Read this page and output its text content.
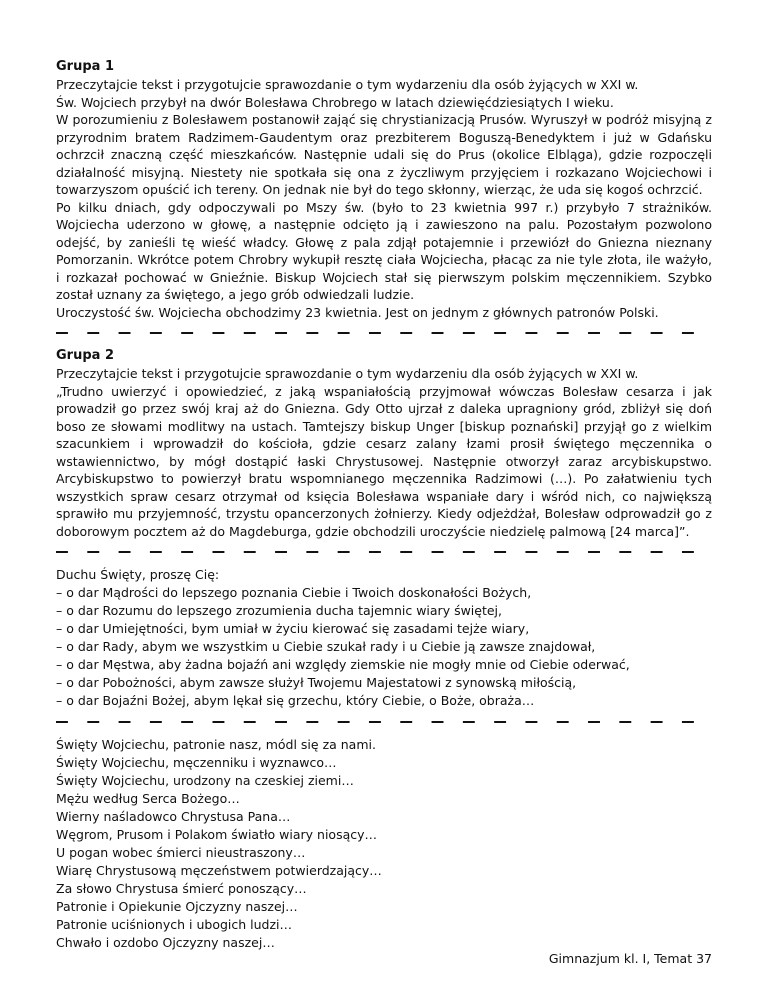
Grupa 1

Przeczytajcie tekst i przygotujcie sprawozdanie o tym wydarzeniu dla osób żyjących w XXI w.

Św. Wojciech przybył na dwór Bolesława Chrobrego w latach dziewięćdziesiątych I wieku.

W porozumieniu z Bolesławem postanowił zająć się chrystianizacją Prusów. Wyruszył w podróż misyjną z przyrodnim bratem Radzimem-Gaudentym oraz prezbiterem Boguszą-Benedyktem i już w Gdańsku ochrzcił znaczną część mieszkańców. Następnie udali się do Prus (okolice Elbląga), gdzie rozpoczęli działalność misyjną. Niestety nie spotkała się ona z życzliwym przyjęciem i rozkazano Wojciechowi i towarzyszom opuścić ich tereny. On jednak nie był do tego skłonny, wierząc, że uda się kogoś ochrzcić.

Po kilku dniach, gdy odpoczywali po Mszy św. (było to 23 kwietnia 997 r.) przybyło 7 strażników. Wojciecha uderzono w głowę, a następnie odcięto ją i zawieszono na palu. Pozostałym pozwolono odejść, by zanieśli tę wieść władcy. Głowę z pala zdjął potajemnie i przewiózł do Gniezna nieznany Pomorzanin. Wkrótce potem Chrobry wykupił resztę ciała Wojciecha, płacąc za nie tyle złota, ile ważyło, i rozkazał pochować w Gnieźnie. Biskup Wojciech stał się pierwszym polskim męczennikiem. Szybko został uznany za świętego, a jego grób odwiedzali ludzie.

Uroczystość św. Wojciecha obchodzimy 23 kwietnia. Jest on jednym z głównych patronów Polski.

Grupa 2

Przeczytajcie tekst i przygotujcie sprawozdanie o tym wydarzeniu dla osób żyjących w XXI w.

„Trudno uwierzyć i opowiedzieć, z jaką wspaniałością przyjmował wówczas Bolesław cesarza i jak prowadził go przez swój kraj aż do Gniezna. Gdy Otto ujrzał z daleka upragniony gród, zbliżył się doń boso ze słowami modlitwy na ustach. Tamtejszy biskup Unger [biskup poznański] przyjął go z wielkim szacunkiem i wprowadził do kościoła, gdzie cesarz zalany łzami prosił świętego męczennika o wstawiennictwo, by mógł dostąpić łaski Chrystusowej. Następnie otworzył zaraz arcybiskupstwo. Arcybiskupstwo to powierzył bratu wspomnianego męczennika Radzimowi (…). Po załatwieniu tych wszystkich spraw cesarz otrzymał od księcia Bolesława wspaniałe dary i wśród nich, co największą sprawiło mu przyjemność, trzystu opancerzonych żołnierzy. Kiedy odjeżdżał, Bolesław odprowadził go z doborowym pocztem aż do Magdeburga, gdzie obchodzili uroczyście niedzielę palmową [24 marca]”.

Duchu Święty, proszę Cię:

– o dar Mądrości do lepszego poznania Ciebie i Twoich doskonałości Bożych,

– o dar Rozumu do lepszego zrozumienia ducha tajemnic wiary świętej,

– o dar Umiejętności, bym umiał w życiu kierować się zasadami tejże wiary,

– o dar Rady, abym we wszystkim u Ciebie szukał rady i u Ciebie ją zawsze znajdował,

– o dar Męstwa, aby żadna bojaźń ani względy ziemskie nie mogły mnie od Ciebie oderwać,

– o dar Pobożności, abym zawsze służył Twojemu Majestatowi z synowską miłością,

– o dar Bojaźni Bożej, abym lękał się grzechu, który Ciebie, o Boże, obraża…

Święty Wojciechu, patronie nasz, módl się za nami.

Święty Wojciechu, męczenniku i wyznawco…

Święty Wojciechu, urodzony na czeskiej ziemi…

Mężu według Serca Bożego…

Wierny naśladowco Chrystusa Pana…

Węgrom, Prusom i Polakom światło wiary niosący…

U pogan wobec śmierci nieustraszony…

Wiarę Chrystusową męczeństwem potwierdzający…

Za słowo Chrystusa śmierć ponoszący…

Patronie i Opiekunie Ojczyzny naszej…

Patronie uciśnionych i ubogich ludzi…

Chwało i ozdobo Ojczyzny naszej…

Gimnazjum kl. I, Temat 37
